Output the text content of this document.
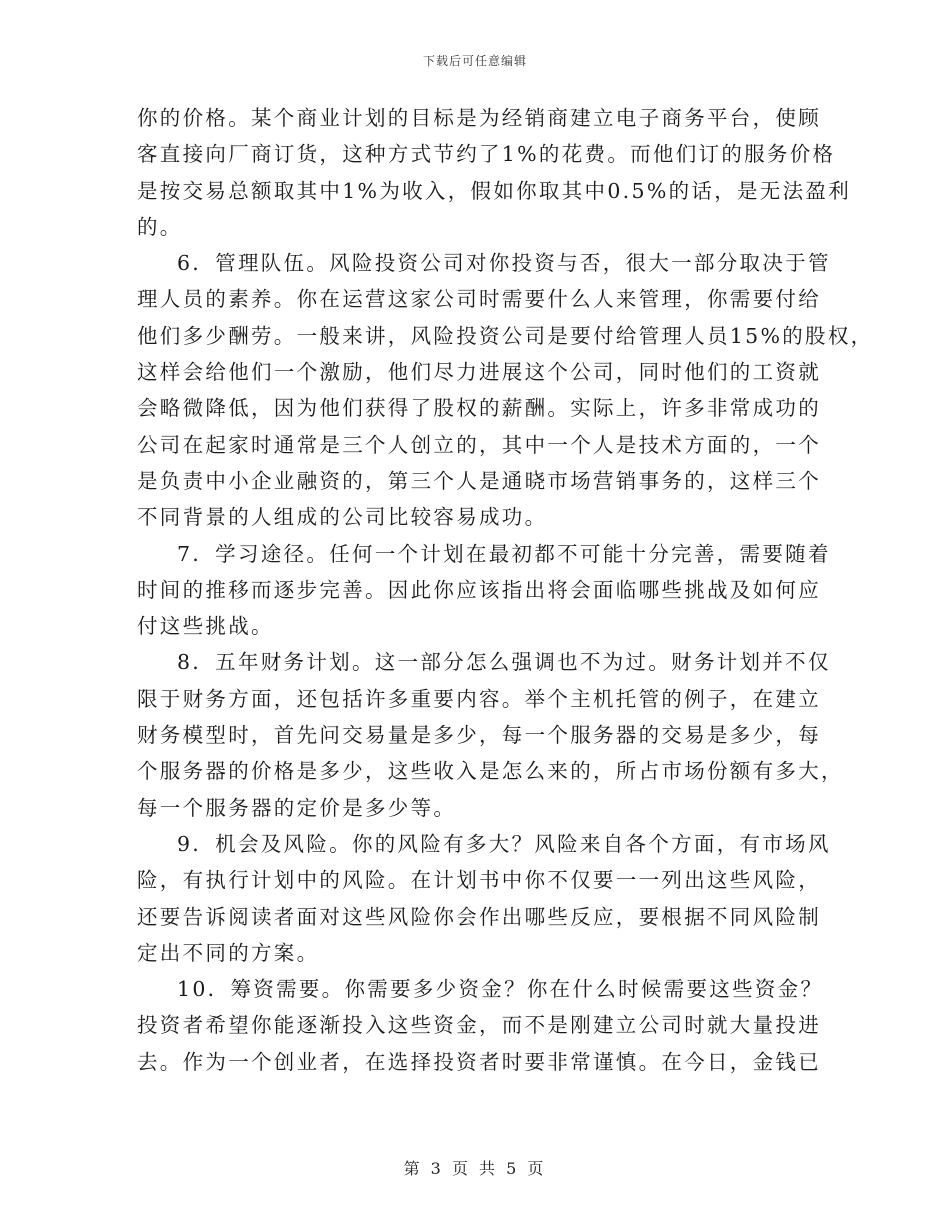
下载后可任意编辑

你的价格。某个商业计划的目标是为经销商建立电子商务平台，使顾
客直接向厂商订货，这种方式节约了1%的花费。而他们订的服务价格
是按交易总额取其中1%为收入，假如你取其中0.5%的话，是无法盈利
的。

6．管理队伍。风险投资公司对你投资与否，很大一部分取决于管
理人员的素养。你在运营这家公司时需要什么人来管理，你需要付给
他们多少酬劳。一般来讲，风险投资公司是要付给管理人员15%的股权，
这样会给他们一个激励，他们尽力进展这个公司，同时他们的工资就
会略微降低，因为他们获得了股权的薪酬。实际上，许多非常成功的
公司在起家时通常是三个人创立的，其中一个人是技术方面的，一个
是负责中小企业融资的，第三个人是通晓市场营销事务的，这样三个
不同背景的人组成的公司比较容易成功。

7．学习途径。任何一个计划在最初都不可能十分完善，需要随着
时间的推移而逐步完善。因此你应该指出将会面临哪些挑战及如何应
付这些挑战。

8．五年财务计划。这一部分怎么强调也不为过。财务计划并不仅
限于财务方面，还包括许多重要内容。举个主机托管的例子，在建立
财务模型时，首先问交易量是多少，每一个服务器的交易是多少，每
个服务器的价格是多少，这些收入是怎么来的，所占市场份额有多大，
每一个服务器的定价是多少等。

9．机会及风险。你的风险有多大？风险来自各个方面，有市场风
险，有执行计划中的风险。在计划书中你不仅要一一列出这些风险，
还要告诉阅读者面对这些风险你会作出哪些反应，要根据不同风险制
定出不同的方案。

10．筹资需要。你需要多少资金？你在什么时候需要这些资金？
投资者希望你能逐渐投入这些资金，而不是刚建立公司时就大量投进
去。作为一个创业者，在选择投资者时要非常谨慎。在今日，金钱已

第 3 页 共 5 页
